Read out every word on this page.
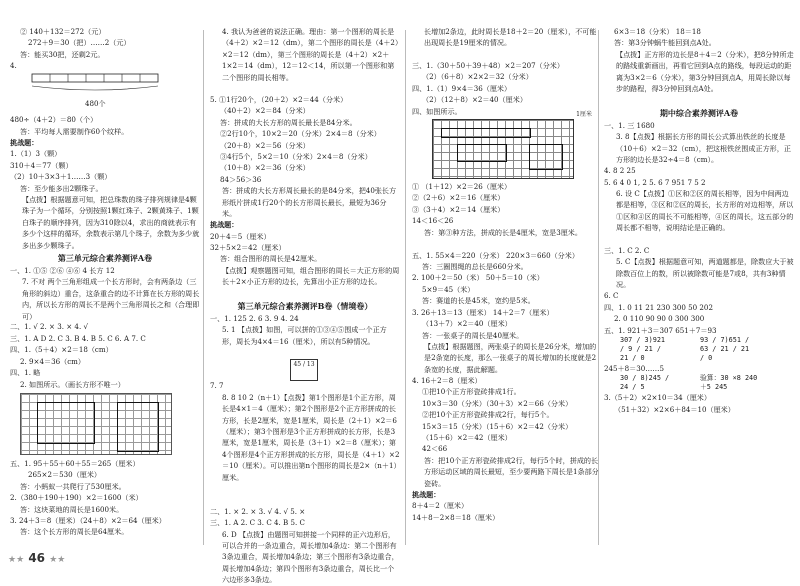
② 140＋132＝272（元）
272＋9＝30（把）……2（元）
答：能买30把，还剩2元。
4.
480个
480÷（4＋2）＝80（个）
答：平均每人需要制作60个纹样。
挑战题：
1.（1）3（颗）
310＋4＝77（颗）
（2）10＋3×3＋1……3（颗）
答：至少能多出2颗珠子。
【点拨】根据题意可知，把总珠数的珠子排列规律是4颗珠子为一个循环，分别按照1颗红珠子、2颗黄珠子、1颗白珠子的顺序排列，因为310除以4，求出的商就表示有多少个这样的循环，余数表示第几个珠子，余数为多少就多出多少颗珠子。
第三单元综合素养测评A卷
一、1. ①⑤ ②⑥ ④⑥ 4 长方 12
7. 不对 两个三角形组成一个长方形时，会有两条边（三角形的斜边）重合，这条重合的边不计算在长方形的周长内，所以长方形的周长不是两个三角形周长之和（合理即可）
二、1. √ 2. × 3. × 4. √
三、1. A D 2. C 3. B 4. B 5. C 6. A 7. C
四、1.（5＋4）×2＝18（cm）
2. 9×4＝36（cm）
四、1. 略
2. 如图所示。（画长方形不唯一）
五、1. 95＋55＋60＋55＝265（厘米）
265×2＝530（厘米）
答：小蚂蚁一共爬行了530厘米。
2.（380＋190＋190）×2＝1600（米）
答：这块菜地的周长是1600米。
3. 24＋3＝8（厘米）（24＋8）×2＝64（厘米）
答：这个长方形的周长是64厘米。
4. 我认为爸爸的说法正确。理由：第一个图形的周长是（4＋2）×2＝12（dm），第二个图形的周长是（4＋2）×2＝12（dm），第三个图形的周长是（4＋2）×2＋1×2＝14（dm），12＝12＜14，所以第一个图形和第二个图形的周长相等。
5. ①1行20个，（20＋2）×2＝44（分米）
（40＋2）×2＝84（分米）
答：拼成的大长方形的周长最长是84分米。
②2行10个，10×2＝20（分米）2×4＝8（分米）
（20＋8）×2＝56（分米）
③4行5个，5×2＝10（分米）2×4＝8（分米）
（10＋8）×2＝36（分米）
84＞56＞36
答：拼成的大长方形周长最长的是84分米，把40张长方形纸片拼成1行20个的长方形周长最长，最短为36分米。
挑战题：
20＋4＝5（厘米）
32＋5×2＝42（厘米）
答：组合图形的周长是42厘米。
【点拨】观察题图可知，组合图形的周长＝大正方形的周长＋2×小正方形的边长，先算出小正方形的边长。
第三单元综合素养测评B卷（情境卷）
一、1. 125 2. 6 3. 9 4. 24
5. 1 【点拨】如图，可以拼的①③④⑤围成一个正方形，周长为4×4＝16（厘米），所以有5种情况。
45 / 13
7. 7
8. 8 10 2（n＋1）【点拨】第1个图形是1个正方形，周长是4×1＝4（厘米）；第2个图形是2个正方形拼成的长方形，长是2厘米，宽是1厘米，周长是（2＋1）×2＝6（厘米）；第3个图形是3个正方形拼成的长方形，长是3厘米，宽是1厘米，周长是（3＋1）×2＝8（厘米）；第4个图形是4个正方形拼成的长方形，周长是（4＋1）×2＝10（厘米）。可以推出第n个图形的周长是2×（n＋1）厘米。
二、1. × 2. × 3. √ 4. √ 5. ×
三、1. A 2. C 3. C 4. B 5. C
6. D 【点拨】由题图可知拼接一个同样的正六边形后，可以合并的一条边重合，周长增加4条边：第二个图形有3条边重合，周长增加4条边；第三个图形有3条边重合，周长增加4条边；第四个图形有3条边重合，周长比一个六边形多3条边。
长增加2条边，此时周长是18＋2＝20（厘米），不可能出现周长是19厘米的情况。
三、1.（30＋50＋39＋48）×2＝207（分米）
（2）（6＋8）×2×2＝32（分米）
四、1.（1）9×4＝36（厘米）
（2）（12＋8）×2＝40（厘米）
四、如图所示。	1厘米
① （1＋12）×2＝26（厘米）
②（2＋6）×2＝16（厘米）
③（3＋4）×2＝14（厘米）
14＜16＜26
答：第③种方法，拼成的长是4厘米，宽是3厘米。
五、1. 55×4＝220（分米） 220×3＝660（分米）
答：三圈围绳的总长是660分米。
2. 100＋2＝50（米） 50＋5＝10（米）
5×9＝45（米）
答：赛道的长是45米，宽约是5米。
3. 26＋13＝13（厘米） 14＋2＝7（厘米）
（13＋7）×2＝40（厘米）
答：一张桌子的周长是40厘米。
【点拨】根据题图，两张桌子的周长是26分米，增加的是2条宽的长度，那么一张桌子的周长增加的长度就是2条宽的长度，据此解题。
4. 16＋2＝8（厘米）
①把10个正方形瓷砖排成1行。
10×3＝30（分米）（30＋3）×2＝66（分米）
②把10个正方形瓷砖排成2行，每行5个。
15×3＝15（分米）（15＋6）×2＝42（分米）
（15＋6）×2＝42（厘米）
42＜66
答：把10个正方形瓷砖排成2行，每行5个时，拼成的长方形运动区域的周长最短，至少要两路下周长是1条部分瓷砖。
挑战题：
8＋4＝2（厘米）
14＋8－2×8＝18（厘米）
6×3＝18（分米） 18＝18
答：第3分钟蜗牛能回到点A处。
【点拨】正方形的边长是8＋4＝2（分米），把8分钟所走的路线重新画出，再看它回到A点的路线，每段运动的距离为3×2＝6（分米），第3分钟回到点A，用周长除以每步的路程，得3分钟回到点A处。
期中综合素养测评A卷
一、1. 三 1680
3. 8【点拨】根据长方形的周长公式算出铁丝的长度是（10＋6）×2＝32（cm），把这根铁丝围成正方形，正方形的边长是32÷4＝8（cm）。
4. 8 2 25
5. 6 4 0 1, 2 5. 6 7 951 7 5 2
6. 设 C【点拨】①区和②区的周长相等，因为中间两边都是相等，③区和②区的周长，长方形的对边相等，所以①区和④区的周长不可能相等，④区的周长，这五部分的周长都不相等，说明结论是正确的。
三、1. C 2. C
5. C【点拨】根据题意可知，两道题都是，除数应大于被除数百位上的数，所以被除数可能是7或8，共有3种情况。
6. C
四、1. 0 11 21 230 300 50 202
2. 0 110 90 90 0 300 300
五、1. 921＋3＝307 651＋7＝93
307 / 3)921 / 9 / 21 / 21 / 0
93 / 7)651 / 63 / 21 / 21 / 0
245＋8＝30……5
30 / 8)245 / 24 / 5
验算：30 ×8 240 ＋5 245
3.（5＋2）×2×10＝34（厘米）
（51＋32）×2×6＋84＝10（厘米）
★★ 46 ★★
